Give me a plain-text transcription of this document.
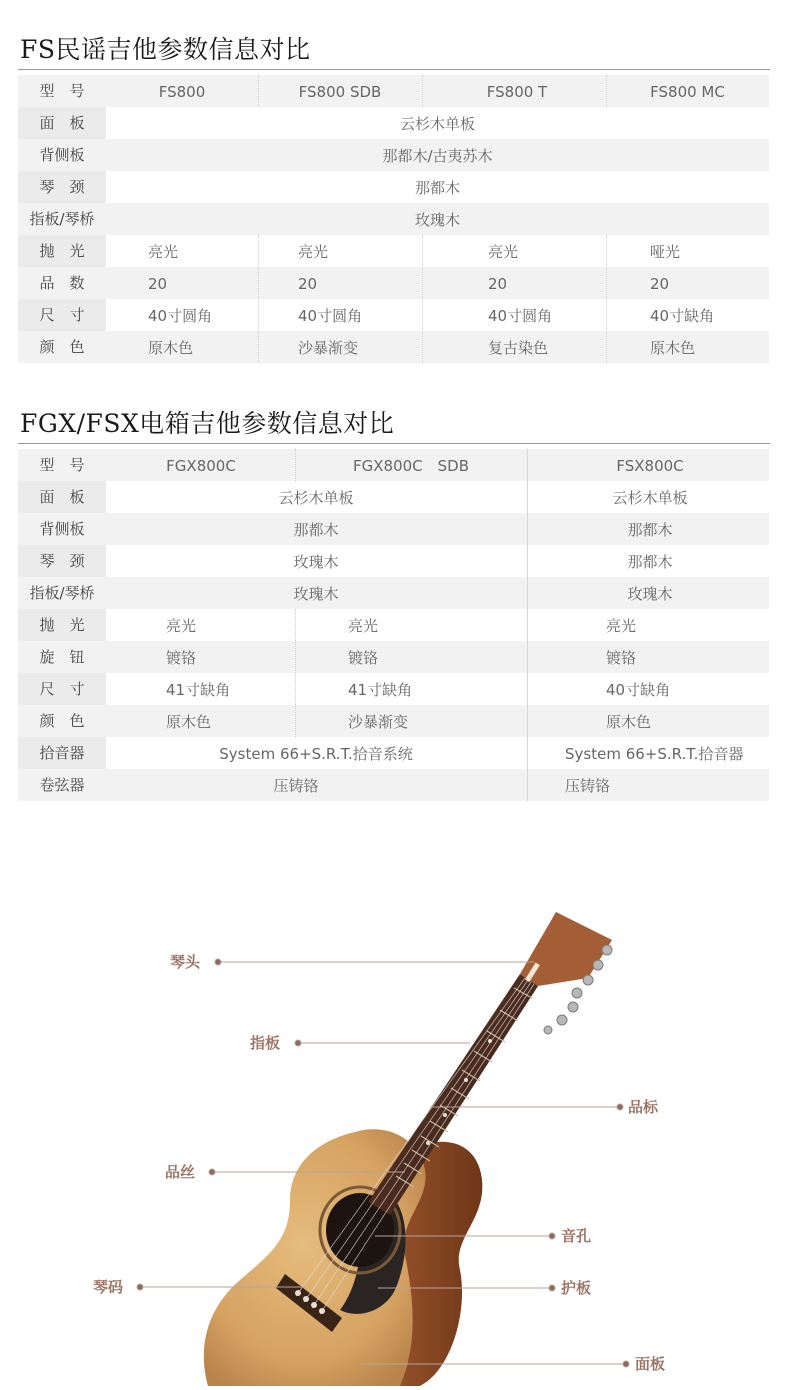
FS民谣吉他参数信息对比
型　号	FS800	FS800 SDB	FS800 T	FS800 MC
面　板	云杉木单板
背侧板	那都木/古夷苏木
琴　颈	那都木
指板/琴桥	玫瑰木
抛　光	亮光	亮光	亮光	哑光
品　数	20	20	20	20
尺　寸	40寸圆角	40寸圆角	40寸圆角	40寸缺角
颜　色	原木色	沙暴渐变	复古染色	原木色
FGX/FSX电箱吉他参数信息对比
型　号	FGX800C	FGX800C　SDB	FSX800C
面　板	云杉木单板	云杉木单板
背侧板	那都木	那都木
琴　颈	玫瑰木	那都木
指板/琴桥	玫瑰木	玫瑰木
抛　光	亮光	亮光	亮光
旋　钮	镀铬	镀铬	镀铬
尺　寸	41寸缺角	41寸缺角	40寸缺角
颜　色	原木色	沙暴渐变	原木色
拾音器	System 66+S.R.T.拾音系统	System 66+S.R.T.拾音器
卷弦器	压铸铬	压铸铬
琴头
指板
品标
品丝
音孔
琴码	护板
面板
